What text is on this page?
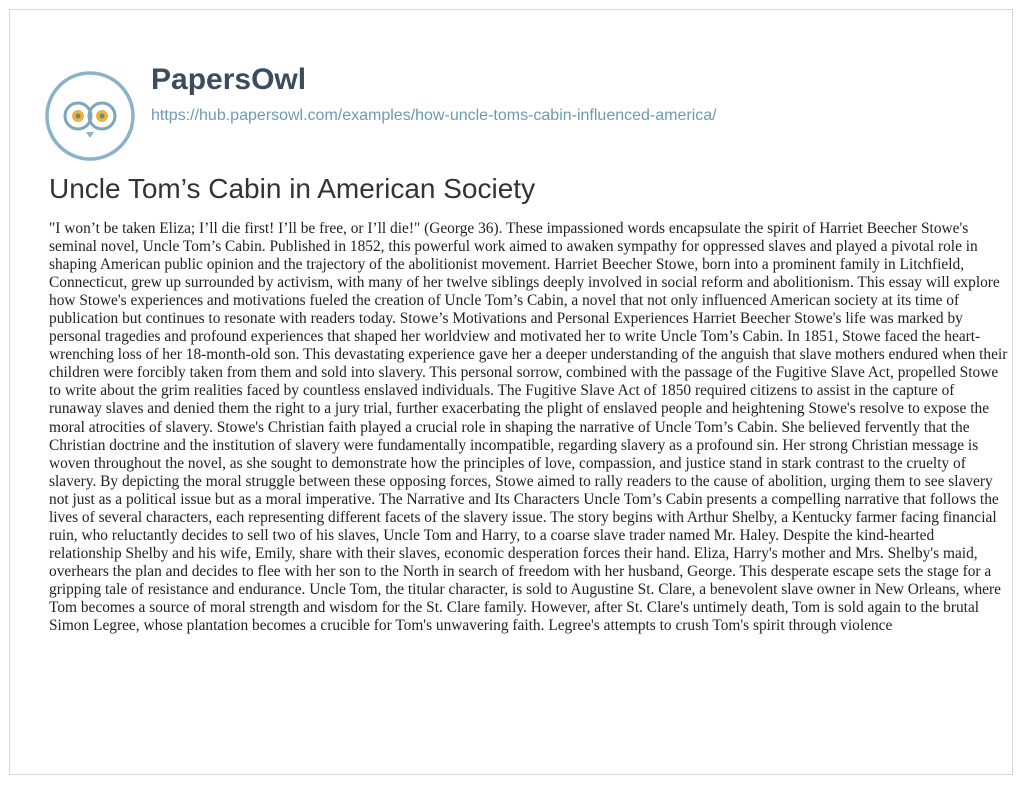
PapersOwl
https://hub.papersowl.com/examples/how-uncle-toms-cabin-influenced-america/
Uncle Tom’s Cabin in American Society

"I won’t be taken Eliza; I’ll die first! I’ll be free, or I’ll die!" (George 36). These impassioned words encapsulate the spirit of Harriet Beecher Stowe's seminal novel, Uncle Tom’s Cabin. Published in 1852, this powerful work aimed to awaken sympathy for oppressed slaves and played a pivotal role in shaping American public opinion and the trajectory of the abolitionist movement. Harriet Beecher Stowe, born into a prominent family in Litchfield, Connecticut, grew up surrounded by activism, with many of her twelve siblings deeply involved in social reform and abolitionism. This essay will explore how Stowe's experiences and motivations fueled the creation of Uncle Tom’s Cabin, a novel that not only influenced American society at its time of publication but continues to resonate with readers today. Stowe’s Motivations and Personal Experiences Harriet Beecher Stowe's life was marked by personal tragedies and profound experiences that shaped her worldview and motivated her to write Uncle Tom’s Cabin. In 1851, Stowe faced the heart-wrenching loss of her 18-month-old son. This devastating experience gave her a deeper understanding of the anguish that slave mothers endured when their children were forcibly taken from them and sold into slavery. This personal sorrow, combined with the passage of the Fugitive Slave Act, propelled Stowe to write about the grim realities faced by countless enslaved individuals. The Fugitive Slave Act of 1850 required citizens to assist in the capture of runaway slaves and denied them the right to a jury trial, further exacerbating the plight of enslaved people and heightening Stowe's resolve to expose the moral atrocities of slavery. Stowe's Christian faith played a crucial role in shaping the narrative of Uncle Tom’s Cabin. She believed fervently that the Christian doctrine and the institution of slavery were fundamentally incompatible, regarding slavery as a profound sin. Her strong Christian message is woven throughout the novel, as she sought to demonstrate how the principles of love, compassion, and justice stand in stark contrast to the cruelty of slavery. By depicting the moral struggle between these opposing forces, Stowe aimed to rally readers to the cause of abolition, urging them to see slavery not just as a political issue but as a moral imperative. The Narrative and Its Characters Uncle Tom’s Cabin presents a compelling narrative that follows the lives of several characters, each representing different facets of the slavery issue. The story begins with Arthur Shelby, a Kentucky farmer facing financial ruin, who reluctantly decides to sell two of his slaves, Uncle Tom and Harry, to a coarse slave trader named Mr. Haley. Despite the kind-hearted relationship Shelby and his wife, Emily, share with their slaves, economic desperation forces their hand. Eliza, Harry's mother and Mrs. Shelby's maid, overhears the plan and decides to flee with her son to the North in search of freedom with her husband, George. This desperate escape sets the stage for a gripping tale of resistance and endurance. Uncle Tom, the titular character, is sold to Augustine St. Clare, a benevolent slave owner in New Orleans, where Tom becomes a source of moral strength and wisdom for the St. Clare family. However, after St. Clare's untimely death, Tom is sold again to the brutal Simon Legree, whose plantation becomes a crucible for Tom's unwavering faith. Legree's attempts to crush Tom's spirit through violence
